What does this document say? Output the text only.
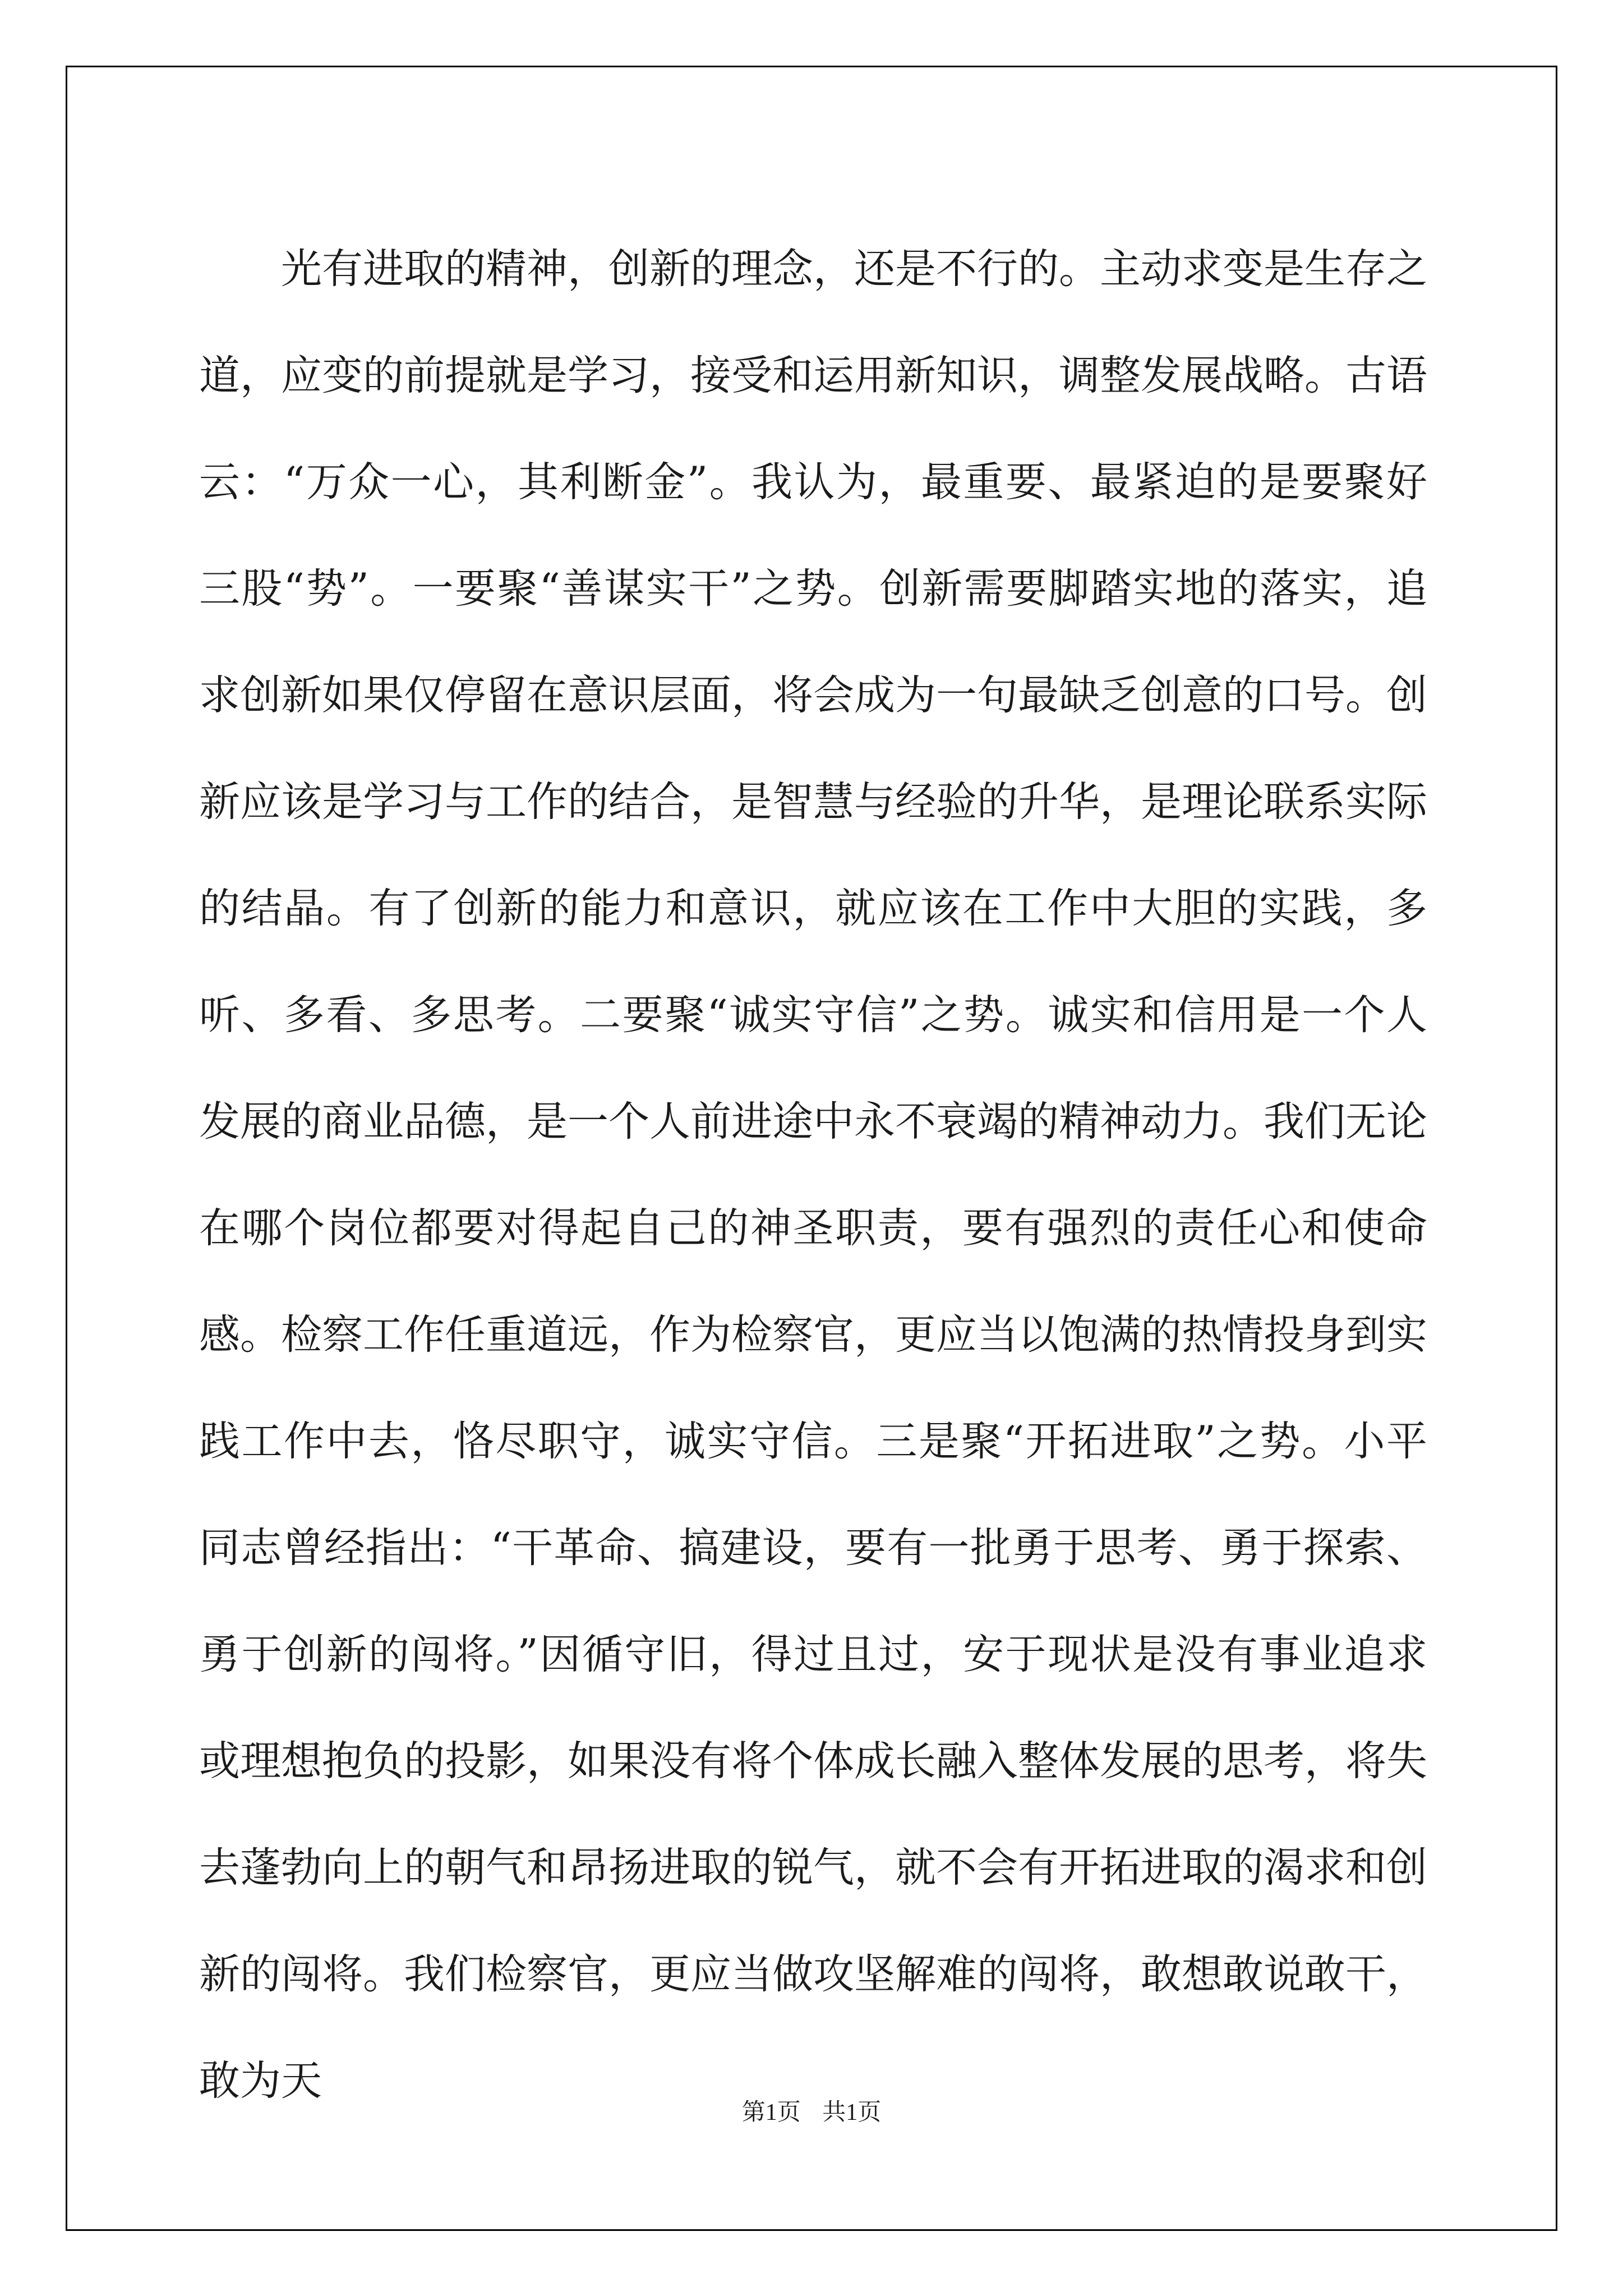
光有进取的精神，创新的理念，还是不行的。主动求变是生存之道，应变的前提就是学习，接受和运用新知识，调整发展战略。古语云：“万众一心，其利断金”。我认为，最重要、最紧迫的是要聚好三股“势”。一要聚“善谋实干”之势。创新需要脚踏实地的落实，追求创新如果仅停留在意识层面，将会成为一句最缺乏创意的口号。创新应该是学习与工作的结合，是智慧与经验的升华，是理论联系实际的结晶。有了创新的能力和意识，就应该在工作中大胆的实践，多听、多看、多思考。二要聚“诚实守信”之势。诚实和信用是一个人发展的商业品德，是一个人前进途中永不衰竭的精神动力。我们无论在哪个岗位都要对得起自己的神圣职责，要有强烈的责任心和使命感。检察工作任重道远，作为检察官，更应当以饱满的热情投身到实践工作中去，恪尽职守，诚实守信。三是聚“开拓进取”之势。小平同志曾经指出：“干革命、搞建设，要有一批勇于思考、勇于探索、勇于创新的闯将。”因循守旧，得过且过，安于现状是没有事业追求或理想抱负的投影，如果没有将个体成长融入整体发展的思考，将失去蓬勃向上的朝气和昂扬进取的锐气，就不会有开拓进取的渴求和创新的闯将。我们检察官，更应当做攻坚解难的闯将，敢想敢说敢干，敢为天

第1页 共1页
